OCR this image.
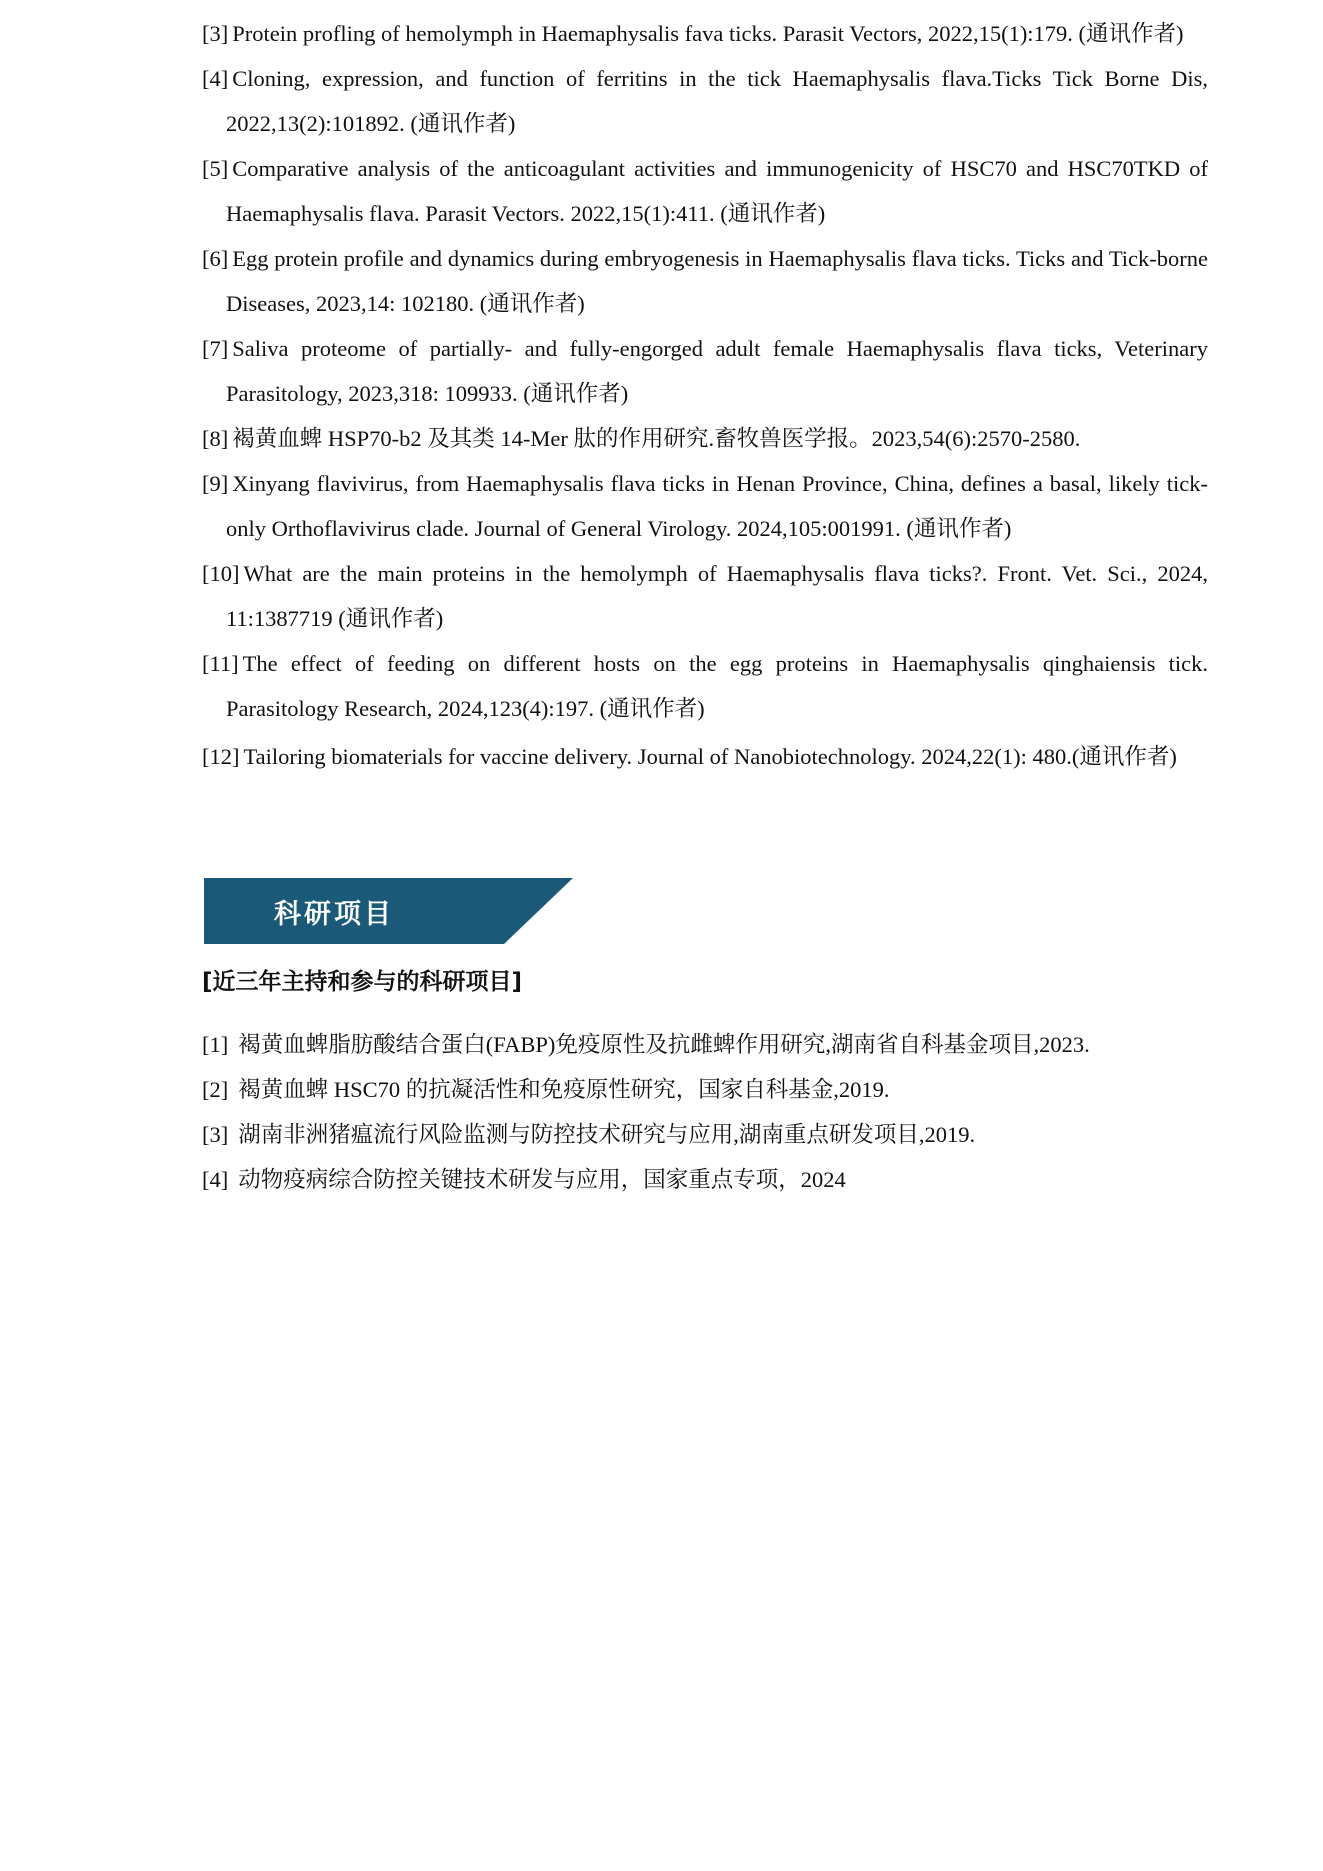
[3] Protein profling of hemolymph in Haemaphysalis fava ticks. Parasit Vectors, 2022,15(1):179. (通讯作者)
[4] Cloning, expression, and function of ferritins in the tick Haemaphysalis flava.Ticks Tick Borne Dis, 2022,13(2):101892. (通讯作者)
[5] Comparative analysis of the anticoagulant activities and immunogenicity of HSC70 and HSC70TKD of Haemaphysalis flava. Parasit Vectors. 2022,15(1):411. (通讯作者)
[6] Egg protein profile and dynamics during embryogenesis in Haemaphysalis flava ticks. Ticks and Tick-borne Diseases, 2023,14: 102180. (通讯作者)
[7] Saliva proteome of partially- and fully-engorged adult female Haemaphysalis flava ticks, Veterinary Parasitology, 2023,318: 109933. (通讯作者)
[8] 褐黄血蜱 HSP70-b2 及其类 14-Mer 肽的作用研究.畜牧兽医学报。2023,54(6):2570-2580.
[9] Xinyang flavivirus, from Haemaphysalis flava ticks in Henan Province, China, defines a basal, likely tick-only Orthoflavivirus clade. Journal of General Virology. 2024,105:001991. (通讯作者)
[10] What are the main proteins in the hemolymph of Haemaphysalis flava ticks?. Front. Vet. Sci., 2024, 11:1387719 (通讯作者)
[11] The effect of feeding on different hosts on the egg proteins in Haemaphysalis qinghaiensis tick. Parasitology Research, 2024,123(4):197. (通讯作者)
[12] Tailoring biomaterials for vaccine delivery. Journal of Nanobiotechnology. 2024,22(1): 480.(通讯作者)
科研项目
[近三年主持和参与的科研项目]
[1] 褐黄血蜱脂肪酸结合蛋白(FABP)免疫原性及抗雌蜱作用研究,湖南省自科基金项目,2023.
[2] 褐黄血蜱 HSC70 的抗凝活性和免疫原性研究，国家自科基金,2019.
[3] 湖南非洲猪瘟流行风险监测与防控技术研究与应用,湖南重点研发项目,2019.
[4] 动物疫病综合防控关键技术研发与应用，国家重点专项，2024
